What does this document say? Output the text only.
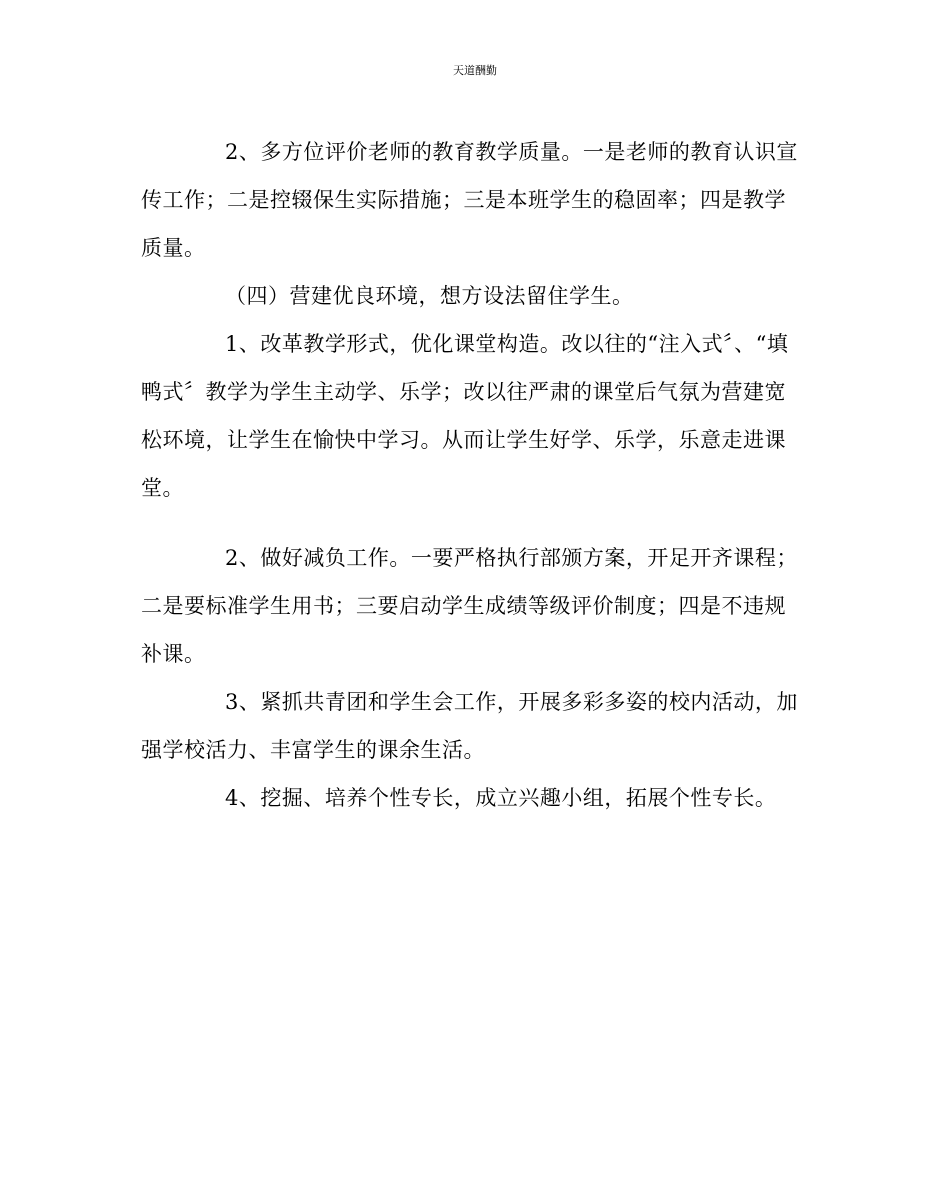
天道酬勤

2、多方位评价老师的教育教学质量。一是老师的教育认识宣传工作；二是控辍保生实际措施；三是本班学生的稳固率；四是教学质量。

（四）营建优良环境，想方设法留住学生。

1、改革教学形式，优化课堂构造。改以往的“注入式〞、“填鸭式〞教学为学生主动学、乐学；改以往严肃的课堂后气氛为营建宽松环境，让学生在愉快中学习。从而让学生好学、乐学，乐意走进课堂。

2、做好减负工作。一要严格执行部颁方案，开足开齐课程；二是要标准学生用书；三要启动学生成绩等级评价制度；四是不违规补课。

3、紧抓共青团和学生会工作，开展多彩多姿的校内活动，加强学校活力、丰富学生的课余生活。

4、挖掘、培养个性专长，成立兴趣小组，拓展个性专长。
